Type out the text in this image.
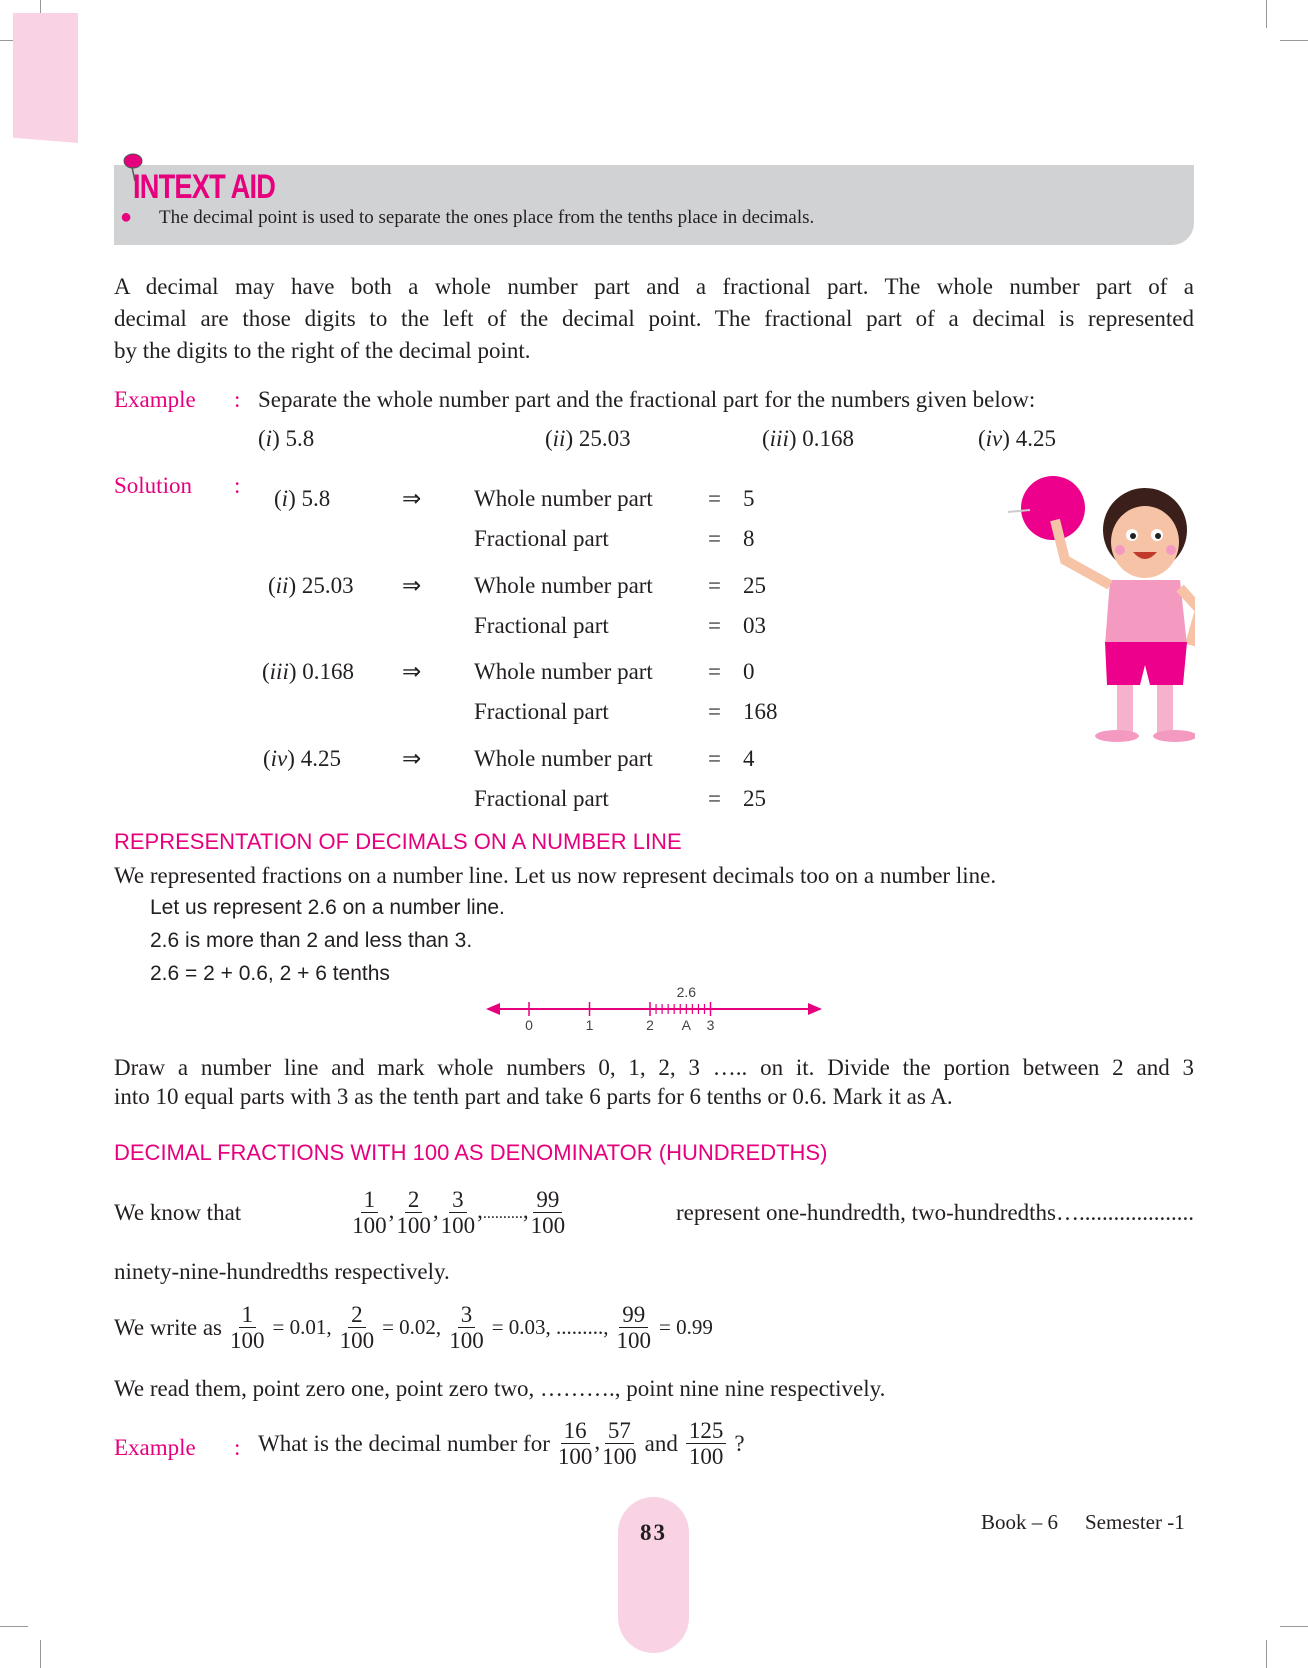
INTEXT AID
● The decimal point is used to separate the ones place from the tenths place in decimals.
A decimal may have both a whole number part and a fractional part. The whole number part of a
decimal are those digits to the left of the decimal point. The fractional part of a decimal is represented
by the digits to the right of the decimal point.
Example : Separate the whole number part and the fractional part for the numbers given below:
(i) 5.8	(ii) 25.03	(iii) 0.168	(iv) 4.25
Solution :
(i) 5.8	⇒ Whole number part = 5
Fractional part	= 8
(ii) 25.03 ⇒ Whole number part = 25
Fractional part	= 03
(iii) 0.168 ⇒ Whole number part = 0
Fractional part	= 168
(iv) 4.25	⇒ Whole number part = 4
Fractional part	= 25
REPRESENTATION OF DECIMALS ON A NUMBER LINE
We represented fractions on a number line. Let us now represent decimals too on a number line.
Let us represent 2.6 on a number line.
2.6 is more than 2 and less than 3.
2.6 = 2 + 0.6, 2 + 6 tenths
0	1	2	3
2.6
A
Draw a number line and mark whole numbers 0, 1, 2, 3 ….. on it. Divide the portion between 2 and 3
into 10 equal parts with 3 as the tenth part and take 6 parts for 6 tenths or 0.6. Mark it as A.
DECIMAL FRACTIONS WITH 100 AS DENOMINATOR (HUNDREDTHS)
We know that	$\frac{1}{100}$ , $\frac{2}{100}$ , $\frac{3}{100}$ ,.........., $\frac{99}{100}$	represent one-hundredth, two-hundredths…....................
ninety-nine-hundredths respectively.
We write as $\frac{1}{100} = 0.01$, $\frac{2}{100} = 0.02$, $\frac{3}{100} = 0.03$, ........., $\frac{99}{100} = 0.99$
We read them, point zero one, point zero two, ………., point nine nine respectively.
Example : What is the decimal number for $\frac{16}{100}$ , $\frac{57}{100}$ and $\frac{125}{100}$ ?
83	Book – 6 Semester -1
